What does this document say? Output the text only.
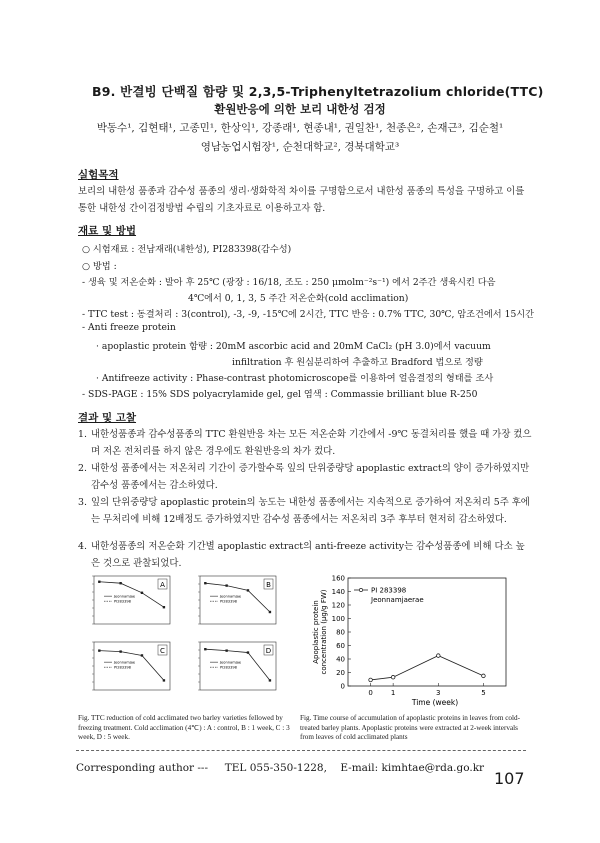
B9. 반결빙 단백질 함량 및 2,3,5-Triphenyltetrazolium chloride(TTC)
환원반응에 의한 보리 내한성 검정
박동수¹, 김현태¹, 고종민¹, 한상익¹, 강종래¹, 현종내¹, 권일찬¹, 천종은², 손재근³, 김순철¹
영남농업시험장¹, 순천대학교², 경북대학교³
실험목적
보리의 내한성 품종과 감수성 품종의 생리·생화학적 차이를 구명함으로서 내한성 품종의 특성을 구명하고 이를 통한 내한성 간이검정방법 수립의 기초자료로 이용하고자 함.
재료 및 방법
○ 시험재료 : 전남재래(내한성), PI283398(감수성)
○ 방법 :
- 생육 및 저온순화 : 발아 후 25℃ (광장 : 16/18, 조도 : 250 μmolm⁻²s⁻¹) 에서 2주간 생육시킨 다음
4℃에서 0, 1, 3, 5 주간 저온순화(cold acclimation)
- TTC test : 동결처리 : 3(control), -3, -9, -15℃에 2시간, TTC 반응 : 0.7% TTC, 30℃, 암조건에서 15시간
- Anti freeze protein
· apoplastic protein 함량 : 20mM ascorbic acid and 20mM CaCl₂ (pH 3.0)에서 vacuum
infiltration 후 원심분리하여 추출하고 Bradford 법으로 정량
· Antifreeze activity : Phase-contrast photomicroscope를 이용하여 얼음결정의 형태를 조사
- SDS-PAGE : 15% SDS polyacrylamide gel, gel 염색 : Commassie brilliant blue R-250
결과 및 고찰
1. 내한성품종과 감수성품종의 TTC 환원반응 차는 모든 저온순화 기간에서 -9℃ 동결처리를 했을 때 가장 컸으며 저온 전처리를 하지 않은 경우에도 환원반응의 차가 컸다.
2. 내한성 품종에서는 저온처리 기간이 증가할수록 잎의 단위중량당 apoplastic extract의 양이 증가하였지만 감수성 품종에서는 감소하였다.
3. 잎의 단위중량당 apoplastic protein의 농도는 내한성 품종에서는 지속적으로 증가하여 저온처리 5주 후에는 무처리에 비해 12배정도 증가하였지만 감수성 품종에서는 저온처리 3주 후부터 현저히 감소하였다.
4. 내한성품종의 저온순화 기간별 apoplastic extract의 anti-freeze activity는 감수성품종에 비해 다소 높은 것으로 관찰되었다.
A
Jeonnamjae
PI283398
B
Jeonnamjae
PI283398
C
Jeonnamjae
PI283398
D
Jeonnamjae
PI283398
Fig. TTC reduction of cold acclimated two barley varieties fellowed by freezing treatment. Cold acclimation (4℃) : A : control, B : 1 week, C : 3 week, D : 5 week.
0
20
40
60
80
100
120
140
160
0	1	3	5
Time (week)
Apoplastic proteinconcentration (μg/g FW)	PI 283398
Jeonnamjaerae
Fig. Time course of accumulation of apoplastic proteins in leaves from cold-treated barley plants. Apoplastic proteins were extracted at 2-week intervals from leaves of cold acclimated plants
Corresponding author --- TEL 055-350-1228, E-mail: kimhtae@rda.go.kr
107
